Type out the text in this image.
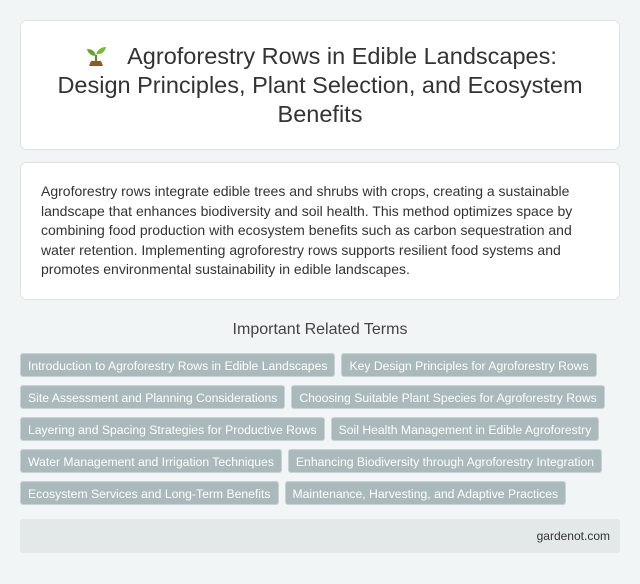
Agroforestry Rows in Edible Landscapes: Design Principles, Plant Selection, and Ecosystem Benefits

Agroforestry rows integrate edible trees and shrubs with crops, creating a sustainable landscape that enhances biodiversity and soil health. This method optimizes space by combining food production with ecosystem benefits such as carbon sequestration and water retention. Implementing agroforestry rows supports resilient food systems and promotes environmental sustainability in edible landscapes.

Important Related Terms
Introduction to Agroforestry Rows in Edible Landscapes	Key Design Principles for Agroforestry Rows
Site Assessment and Planning Considerations	Choosing Suitable Plant Species for Agroforestry Rows
Layering and Spacing Strategies for Productive Rows	Soil Health Management in Edible Agroforestry
Water Management and Irrigation Techniques	Enhancing Biodiversity through Agroforestry Integration
Ecosystem Services and Long-Term Benefits	Maintenance, Harvesting, and Adaptive Practices
gardenot.com
